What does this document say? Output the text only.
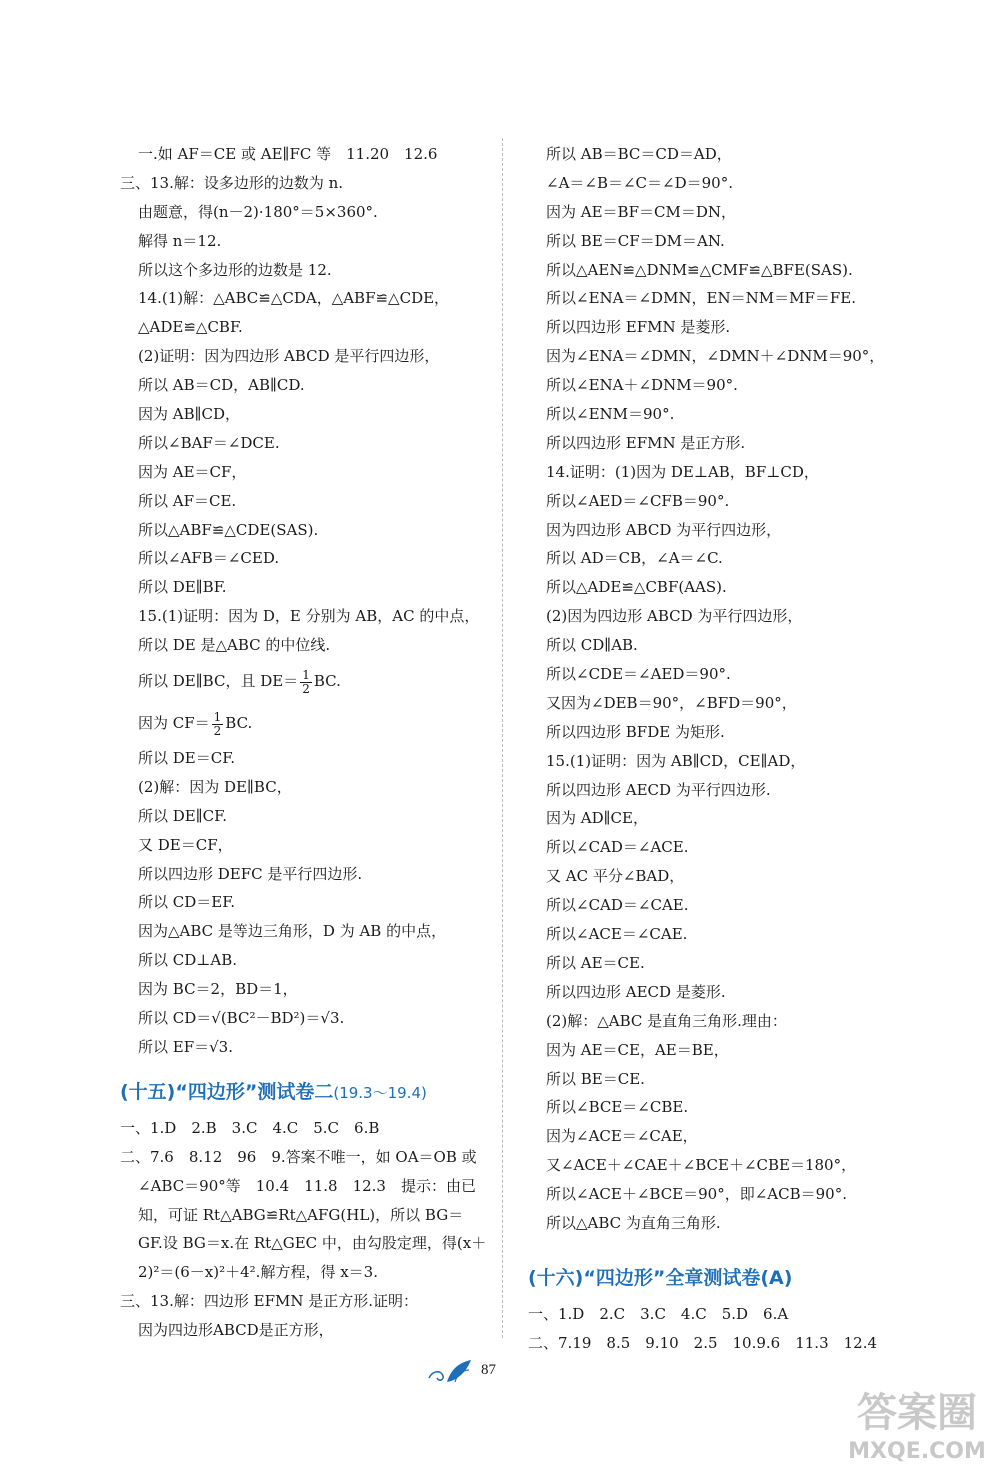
一.如 AF＝CE 或 AE∥FC 等　11.20　12.6
三、13.解：设多边形的边数为 n.
由题意，得(n－2)·180°＝5×360°.
解得 n＝12.
所以这个多边形的边数是 12.
14.(1)解：△ABC≌△CDA，△ABF≌△CDE，
△ADE≌△CBF.
(2)证明：因为四边形 ABCD 是平行四边形，
所以 AB＝CD，AB∥CD.
因为 AB∥CD，
所以∠BAF＝∠DCE.
因为 AE＝CF，
所以 AF＝CE.
所以△ABF≌△CDE(SAS).
所以∠AFB＝∠CED.
所以 DE∥BF.
15.(1)证明：因为 D，E 分别为 AB，AC 的中点，
所以 DE 是△ABC 的中位线.
所以 DE∥BC，且 $DE= \frac{1}{2}$ BC.
因为 $CF= \frac{1}{2}$ BC.
所以 DE＝CF.
(2)解：因为 DE∥BC，
所以 DE∥CF.
又 DE＝CF，
所以四边形 DEFC 是平行四边形.
所以 CD＝EF.
因为△ABC 是等边三角形，D 为 AB 的中点，
所以 CD⊥AB.
因为 BC＝2，BD＝1，
所以 CD＝√(BC²－BD²)＝√3.
所以 EF＝√3.
(十五)“四边形”测试卷二(19.3～19.4)
一、1.D　2.B　3.C　4.C　5.C　6.B
二、7.6　8.12　96　9.答案不唯一，如 OA＝OB 或
∠ABC＝90°等　10.4　11.8　12.3　提示：由已
知，可证 Rt△ABG≌Rt△AFG(HL)，所以 BG＝
GF.设 BG＝x.在 Rt△GEC 中，由勾股定理，得(x＋
2)²＝(6－x)²＋4².解方程，得 x＝3.
三、13.解：四边形 EFMN 是正方形.证明：
因为四边形ABCD是正方形，
所以 AB＝BC＝CD＝AD，
∠A＝∠B＝∠C＝∠D＝90°.
因为 AE＝BF＝CM＝DN，
所以 BE＝CF＝DM＝AN.
所以△AEN≌△DNM≌△CMF≌△BFE(SAS).
所以∠ENA＝∠DMN，EN＝NM＝MF＝FE.
所以四边形 EFMN 是菱形.
因为∠ENA＝∠DMN，∠DMN＋∠DNM＝90°，
所以∠ENA＋∠DNM＝90°.
所以∠ENM＝90°.
所以四边形 EFMN 是正方形.
14.证明：(1)因为 DE⊥AB，BF⊥CD，
所以∠AED＝∠CFB＝90°.
因为四边形 ABCD 为平行四边形，
所以 AD＝CB，∠A＝∠C.
所以△ADE≌△CBF(AAS).
(2)因为四边形 ABCD 为平行四边形，
所以 CD∥AB.
所以∠CDE＝∠AED＝90°.
又因为∠DEB＝90°，∠BFD＝90°，
所以四边形 BFDE 为矩形.
15.(1)证明：因为 AB∥CD，CE∥AD，
所以四边形 AECD 为平行四边形.
因为 AD∥CE，
所以∠CAD＝∠ACE.
又 AC 平分∠BAD，
所以∠CAD＝∠CAE.
所以∠ACE＝∠CAE.
所以 AE＝CE.
所以四边形 AECD 是菱形.
(2)解：△ABC 是直角三角形.理由：
因为 AE＝CE，AE＝BE，
所以 BE＝CE.
所以∠BCE＝∠CBE.
因为∠ACE＝∠CAE，
又∠ACE＋∠CAE＋∠BCE＋∠CBE＝180°，
所以∠ACE＋∠BCE＝90°，即∠ACB＝90°.
所以△ABC 为直角三角形.
(十六)“四边形”全章测试卷(A)
一、1.D　2.C　3.C　4.C　5.D　6.A
二、7.19　8.5　9.10　2.5　10.9.6　11.3　12.4
87
答案圈
MXQE.COM
